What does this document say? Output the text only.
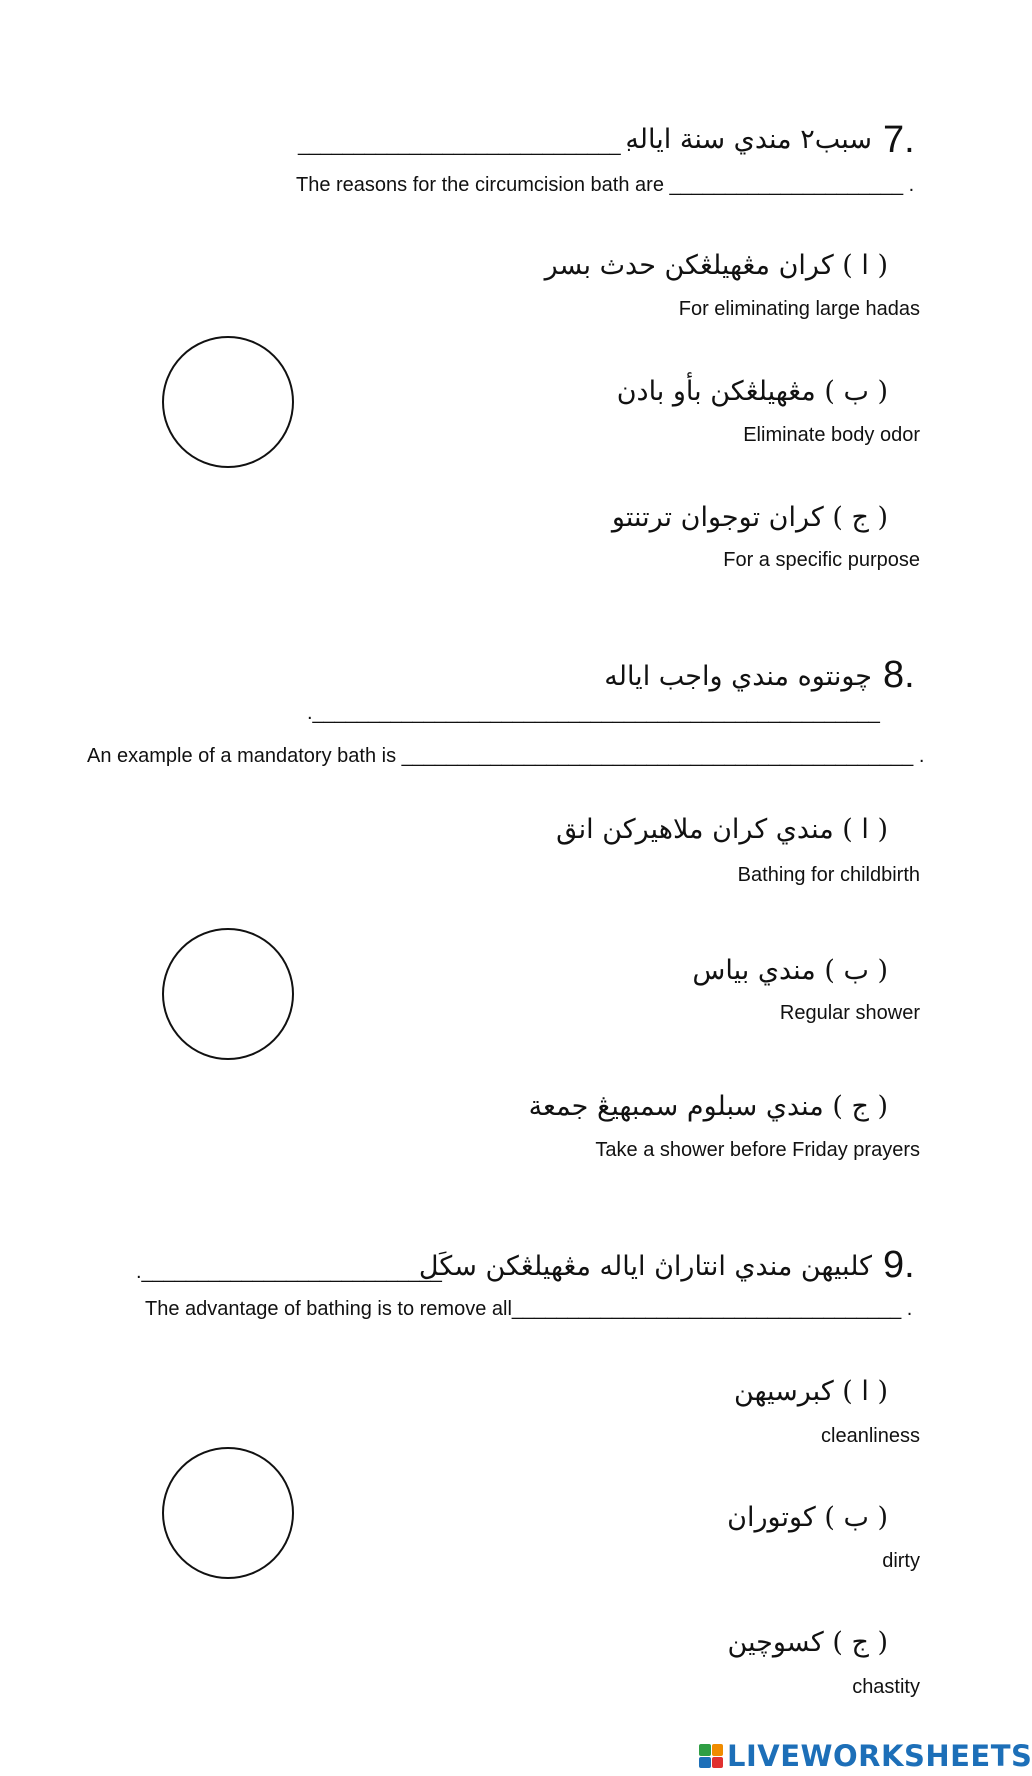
7.
سبب٢ مندي سنة اياله
_____________________________ .
The reasons for the circumcision bath are _____________________ .
( ا ) كران مڠهيلڠكن حدث بسر
For eliminating large hadas
( ب ) مڠهيلڠكن بأو بادن
Eliminate body odor
( ج ) كران توجوان ترتنتو
For a specific purpose
8.
چونتوه مندي واجب اياله
.___________________________________________________
An example of a mandatory bath is ______________________________________________ .
( ا ) مندي كران ملاهيركن انق
Bathing for childbirth
( ب ) مندي بياس
Regular shower
( ج ) مندي سبلوم سمبهيڠ جمعة
Take a shower before Friday prayers
9.
كلبيهن مندي انتاراڽ اياله مڠهيلڠكن سكَل
.___________________________
The advantage of bathing is to remove all___________________________________ .
( ا ) كبرسيهن
cleanliness
( ب ) كوتوران
dirty
( ج ) كسوچين
chastity
LIVEWORKSHEETS
